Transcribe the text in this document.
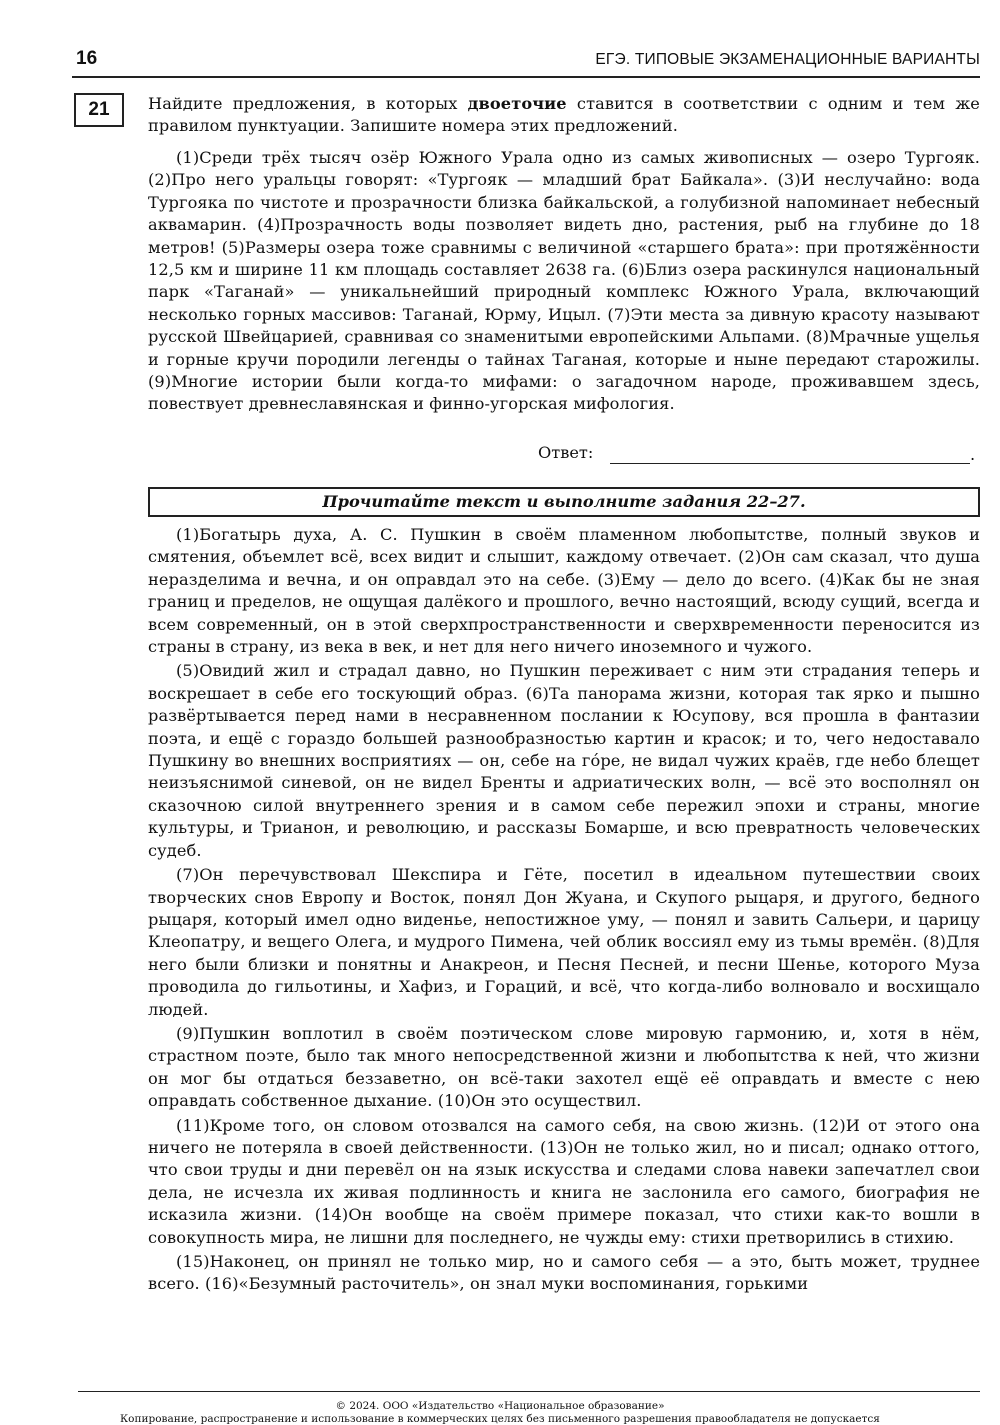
16	ЕГЭ. ТИПОВЫЕ ЭКЗАМЕНАЦИОННЫЕ ВАРИАНТЫ
21	Найдите предложения, в которых двоеточие ставится в соответствии с одним и тем же правилом пунктуации. Запишите номера этих предложений.

(1)Среди трёх тысяч озёр Южного Урала одно из самых живописных — озеро Тургояк. (2)Про него уральцы говорят: «Тургояк — младший брат Байкала». (3)И неслучайно: вода Тургояка по чистоте и прозрачности близка байкальской, а голубизной напоминает небесный аквамарин. (4)Прозрачность воды позволяет видеть дно, растения, рыб на глубине до 18 метров! (5)Размеры озера тоже сравнимы с величиной «старшего брата»: при протяжённости 12,5 км и ширине 11 км площадь составляет 2638 га. (6)Близ озера раскинулся национальный парк «Таганай» — уникальнейший природный комплекс Южного Урала, включающий несколько горных массивов: Таганай, Юрму, Ицыл. (7)Эти места за дивную красоту называют русской Швейцарией, сравнивая со знаменитыми европейскими Альпами. (8)Мрачные ущелья и горные кручи породили легенды о тайнах Таганая, которые и ныне передают старожилы. (9)Многие истории были когда-то мифами: о загадочном народе, проживавшем здесь, повествует древнеславянская и финно-угорская мифология.

Ответ:	.
Прочитайте текст и выполните задания 22–27.

(1)Богатырь духа, А. С. Пушкин в своём пламенном любопытстве, полный звуков и смятения, объемлет всё, всех видит и слышит, каждому отвечает. (2)Он сам сказал, что душа неразделима и вечна, и он оправдал это на себе. (3)Ему — дело до всего. (4)Как бы не зная границ и пределов, не ощущая далёкого и прошлого, вечно настоящий, всюду сущий, всегда и всем современный, он в этой сверхпространственности и сверхвременности переносится из страны в страну, из века в век, и нет для него ничего иноземного и чужого.

(5)Овидий жил и страдал давно, но Пушкин переживает с ним эти страдания теперь и воскрешает в себе его тоскующий образ. (6)Та панорама жизни, которая так ярко и пышно развёртывается перед нами в несравненном послании к Юсупову, вся прошла в фантазии поэта, и ещё с гораздо большей разнообразностью картин и красок; и то, чего недоставало Пушкину во внешних восприятиях — он, себе на го́ре, не видал чужих краёв, где небо блещет неизъяснимой синевой, он не видел Бренты и адриатических волн, — всё это восполнял он сказочною силой внутреннего зрения и в самом себе пережил эпохи и страны, многие культуры, и Трианон, и революцию, и рассказы Бомарше, и всю превратность человеческих судеб.

(7)Он перечувствовал Шекспира и Гёте, посетил в идеальном путешествии своих творческих снов Европу и Восток, понял Дон Жуана, и Скупого рыцаря, и другого, бедного рыцаря, который имел одно виденье, непостижное уму, — понял и завить Сальери, и царицу Клеопатру, и вещего Олега, и мудрого Пимена, чей облик воссиял ему из тьмы времён. (8)Для него были близки и понятны и Анакреон, и Песня Песней, и песни Шенье, которого Муза проводила до гильотины, и Хафиз, и Гораций, и всё, что когда-либо волновало и восхищало людей.

(9)Пушкин воплотил в своём поэтическом слове мировую гармонию, и, хотя в нём, страстном поэте, было так много непосредственной жизни и любопытства к ней, что жизни он мог бы отдаться беззаветно, он всё-таки захотел ещё её оправдать и вместе с нею оправдать собственное дыхание. (10)Он это осуществил.

(11)Кроме того, он словом отозвался на самого себя, на свою жизнь. (12)И от этого она ничего не потеряла в своей действенности. (13)Он не только жил, но и писал; однако оттого, что свои труды и дни перевёл он на язык искусства и следами слова навеки запечатлел свои дела, не исчезла их живая подлинность и книга не заслонила его самого, биография не исказила жизни. (14)Он вообще на своём примере показал, что стихи как-то вошли в совокупность мира, не лишни для последнего, не чужды ему: стихи претворились в стихию.

(15)Наконец, он принял не только мир, но и самого себя — а это, быть может, труднее всего. (16)«Безумный расточитель», он знал муки воспоминания, горькими

© 2024. ООО «Издательство «Национальное образование»
Копирование, распространение и использование в коммерческих целях без письменного разрешения правообладателя не допускается
